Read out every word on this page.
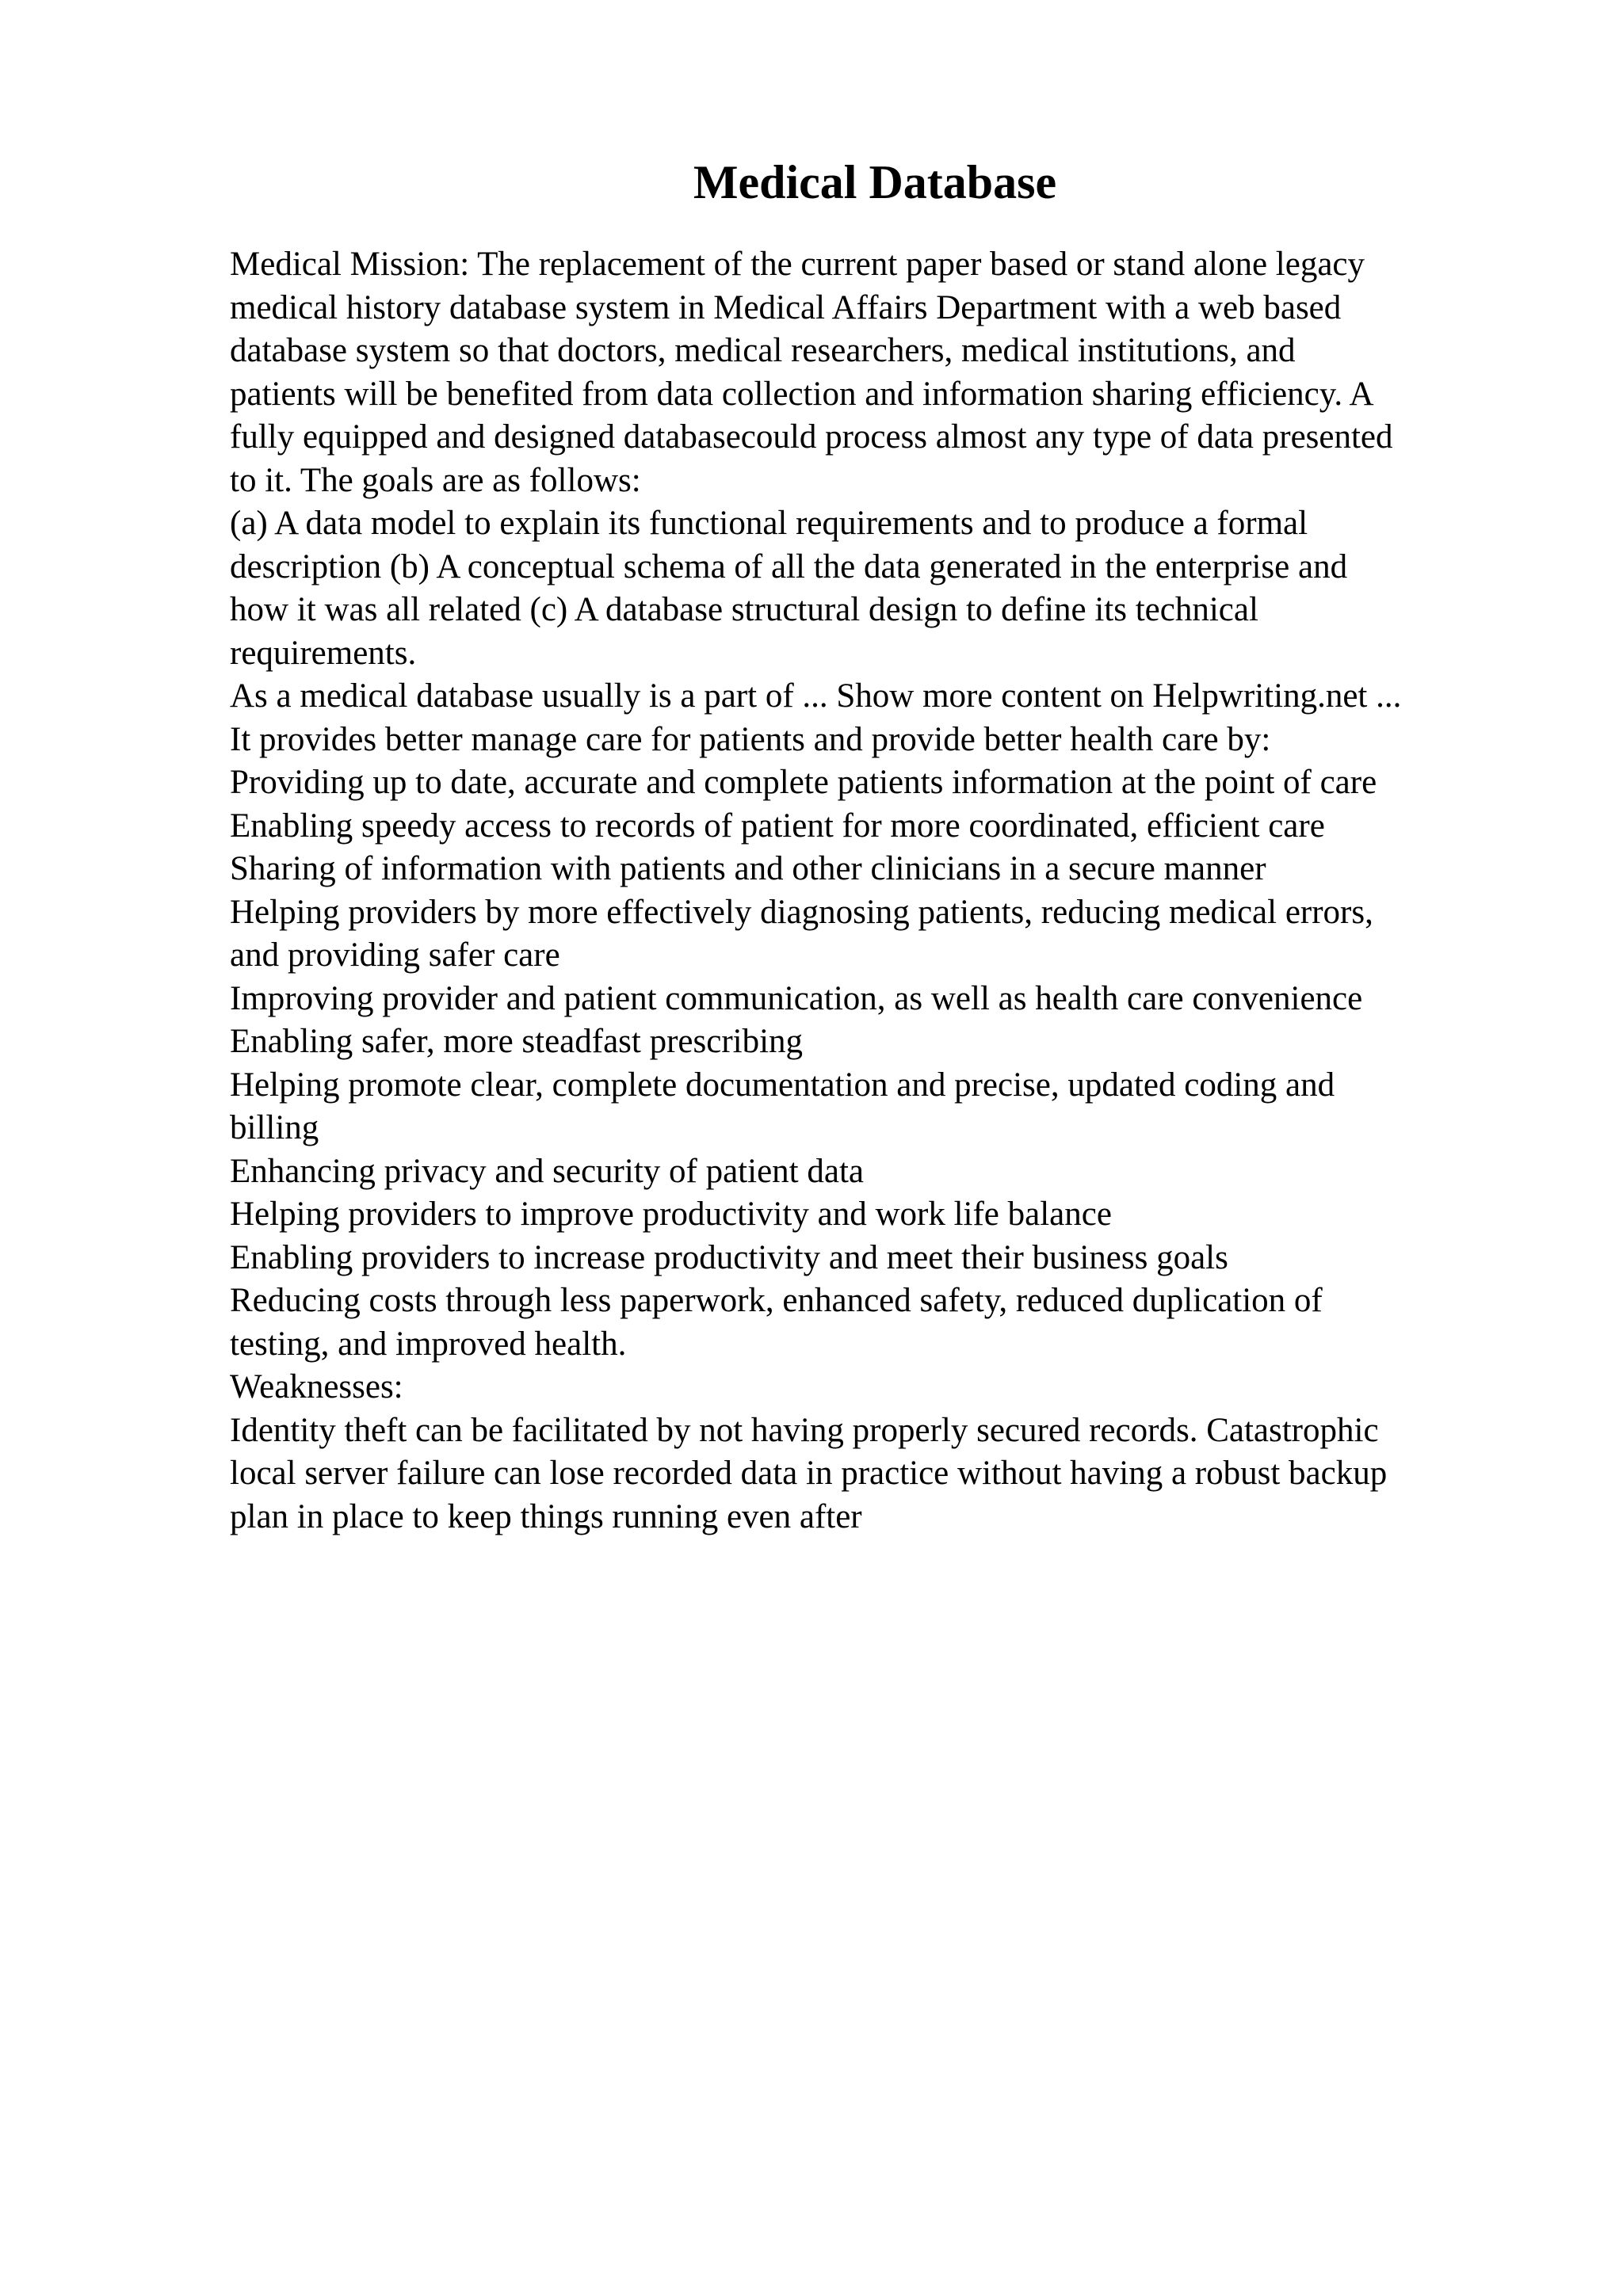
Medical Database
Medical Mission: The replacement of the current paper based or stand alone legacy
medical history database system in Medical Affairs Department with a web based
database system so that doctors, medical researchers, medical institutions, and
patients will be benefited from data collection and information sharing efficiency. A
fully equipped and designed databasecould process almost any type of data presented
to it. The goals are as follows:
(a) A data model to explain its functional requirements and to produce a formal
description (b) A conceptual schema of all the data generated in the enterprise and
how it was all related (c) A database structural design to define its technical
requirements.
As a medical database usually is a part of ... Show more content on Helpwriting.net ...
It provides better manage care for patients and provide better health care by:
Providing up to date, accurate and complete patients information at the point of care
Enabling speedy access to records of patient for more coordinated, efficient care
Sharing of information with patients and other clinicians in a secure manner
Helping providers by more effectively diagnosing patients, reducing medical errors,
and providing safer care
Improving provider and patient communication, as well as health care convenience
Enabling safer, more steadfast prescribing
Helping promote clear, complete documentation and precise, updated coding and
billing
Enhancing privacy and security of patient data
Helping providers to improve productivity and work life balance
Enabling providers to increase productivity and meet their business goals
Reducing costs through less paperwork, enhanced safety, reduced duplication of
testing, and improved health.
Weaknesses:
Identity theft can be facilitated by not having properly secured records. Catastrophic
local server failure can lose recorded data in practice without having a robust backup
plan in place to keep things running even after
